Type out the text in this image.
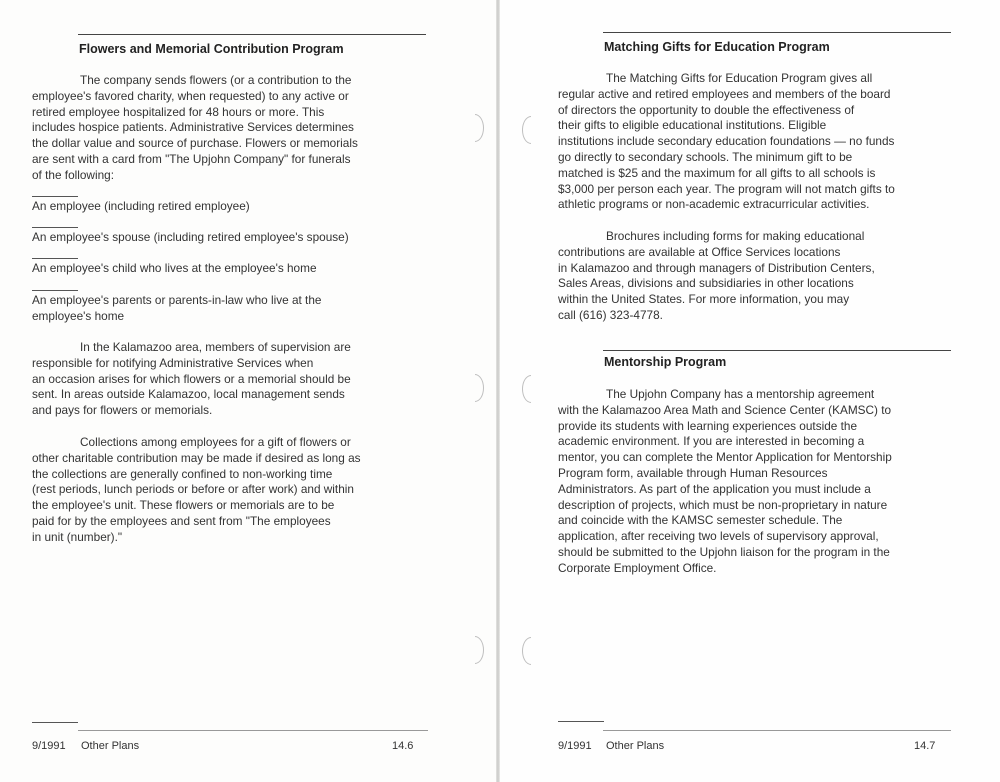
Flowers and Memorial Contribution Program

The company sends flowers (or a contribution to the
employee's favored charity, when requested) to any active or
retired employee hospitalized for 48 hours or more. This
includes hospice patients. Administrative Services determines
the dollar value and source of purchase. Flowers or memorials
are sent with a card from "The Upjohn Company" for funerals
of the following:

An employee (including retired employee)
An employee's spouse (including retired employee's spouse)
An employee's child who lives at the employee's home
An employee's parents or parents-in-law who live at the
employee's home

In the Kalamazoo area, members of supervision are
responsible for notifying Administrative Services when
an occasion arises for which flowers or a memorial should be
sent. In areas outside Kalamazoo, local management sends
and pays for flowers or memorials.

Collections among employees for a gift of flowers or
other charitable contribution may be made if desired as long as
the collections are generally confined to non-working time
(rest periods, lunch periods or before or after work) and within
the employee's unit. These flowers or memorials are to be
paid for by the employees and sent from "The employees
in unit (number)."

9/1991 Other Plans	14.6
Matching Gifts for Education Program

The Matching Gifts for Education Program gives all
regular active and retired employees and members of the board
of directors the opportunity to double the effectiveness of
their gifts to eligible educational institutions. Eligible
institutions include secondary education foundations — no funds
go directly to secondary schools. The minimum gift to be
matched is $25 and the maximum for all gifts to all schools is
$3,000 per person each year. The program will not match gifts to
athletic programs or non-academic extracurricular activities.

Brochures including forms for making educational
contributions are available at Office Services locations
in Kalamazoo and through managers of Distribution Centers,
Sales Areas, divisions and subsidiaries in other locations
within the United States. For more information, you may
call (616) 323-4778.

Mentorship Program

The Upjohn Company has a mentorship agreement
with the Kalamazoo Area Math and Science Center (KAMSC) to
provide its students with learning experiences outside the
academic environment. If you are interested in becoming a
mentor, you can complete the Mentor Application for Mentorship
Program form, available through Human Resources
Administrators. As part of the application you must include a
description of projects, which must be non-proprietary in nature
and coincide with the KAMSC semester schedule. The
application, after receiving two levels of supervisory approval,
should be submitted to the Upjohn liaison for the program in the
Corporate Employment Office.

9/1991 Other Plans	14.7
